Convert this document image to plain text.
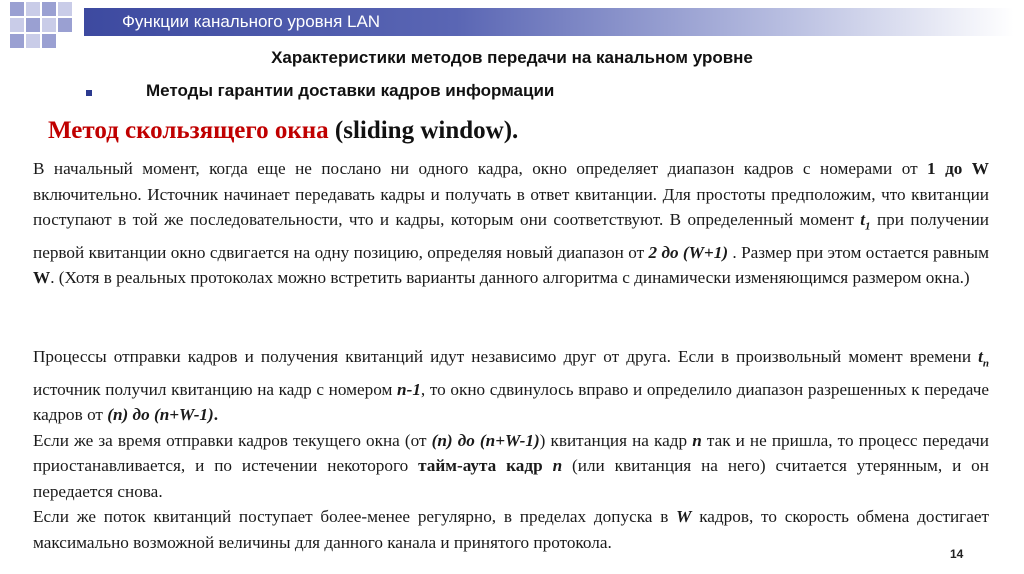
Функции канального уровня LAN
Характеристики методов передачи на канальном уровне
Методы гарантии доставки кадров информации
Метод скользящего окна (sliding window).

В начальный момент, когда еще не послано ни одного кадра, окно определяет диапазон кадров с номерами от 1 до W включительно. Источник начинает передавать кадры и получать в ответ квитанции. Для простоты предположим, что квитанции поступают в той же последовательности, что и кадры, которым они соответствуют. В определенный момент $t_1$ при получении первой квитанции окно сдвигается на одну позицию, определяя новый диапазон от 2 до (W+1) . Размер при этом остается равным W. (Хотя в реальных протоколах можно встретить варианты данного алгоритма с динамически изменяющимся размером окна.)

Процессы отправки кадров и получения квитанций идут независимо друг от друга. Если в произвольный момент времени $t_n$ источник получил квитанцию на кадр с номером n-1, то окно сдвинулось вправо и определило диапазон разрешенных к передаче кадров от (n) до (n+W-1).

Если же за время отправки кадров текущего окна (от (n) до (n+W-1)) квитанция на кадр n так и не пришла, то процесс передачи приостанавливается, и по истечении некоторого тайм-аута кадр n (или квитанция на него) считается утерянным, и он передается снова.

Если же поток квитанций поступает более-менее регулярно, в пределах допуска в W кадров, то скорость обмена достигает максимально возможной величины для данного канала и принятого протокола.

14
